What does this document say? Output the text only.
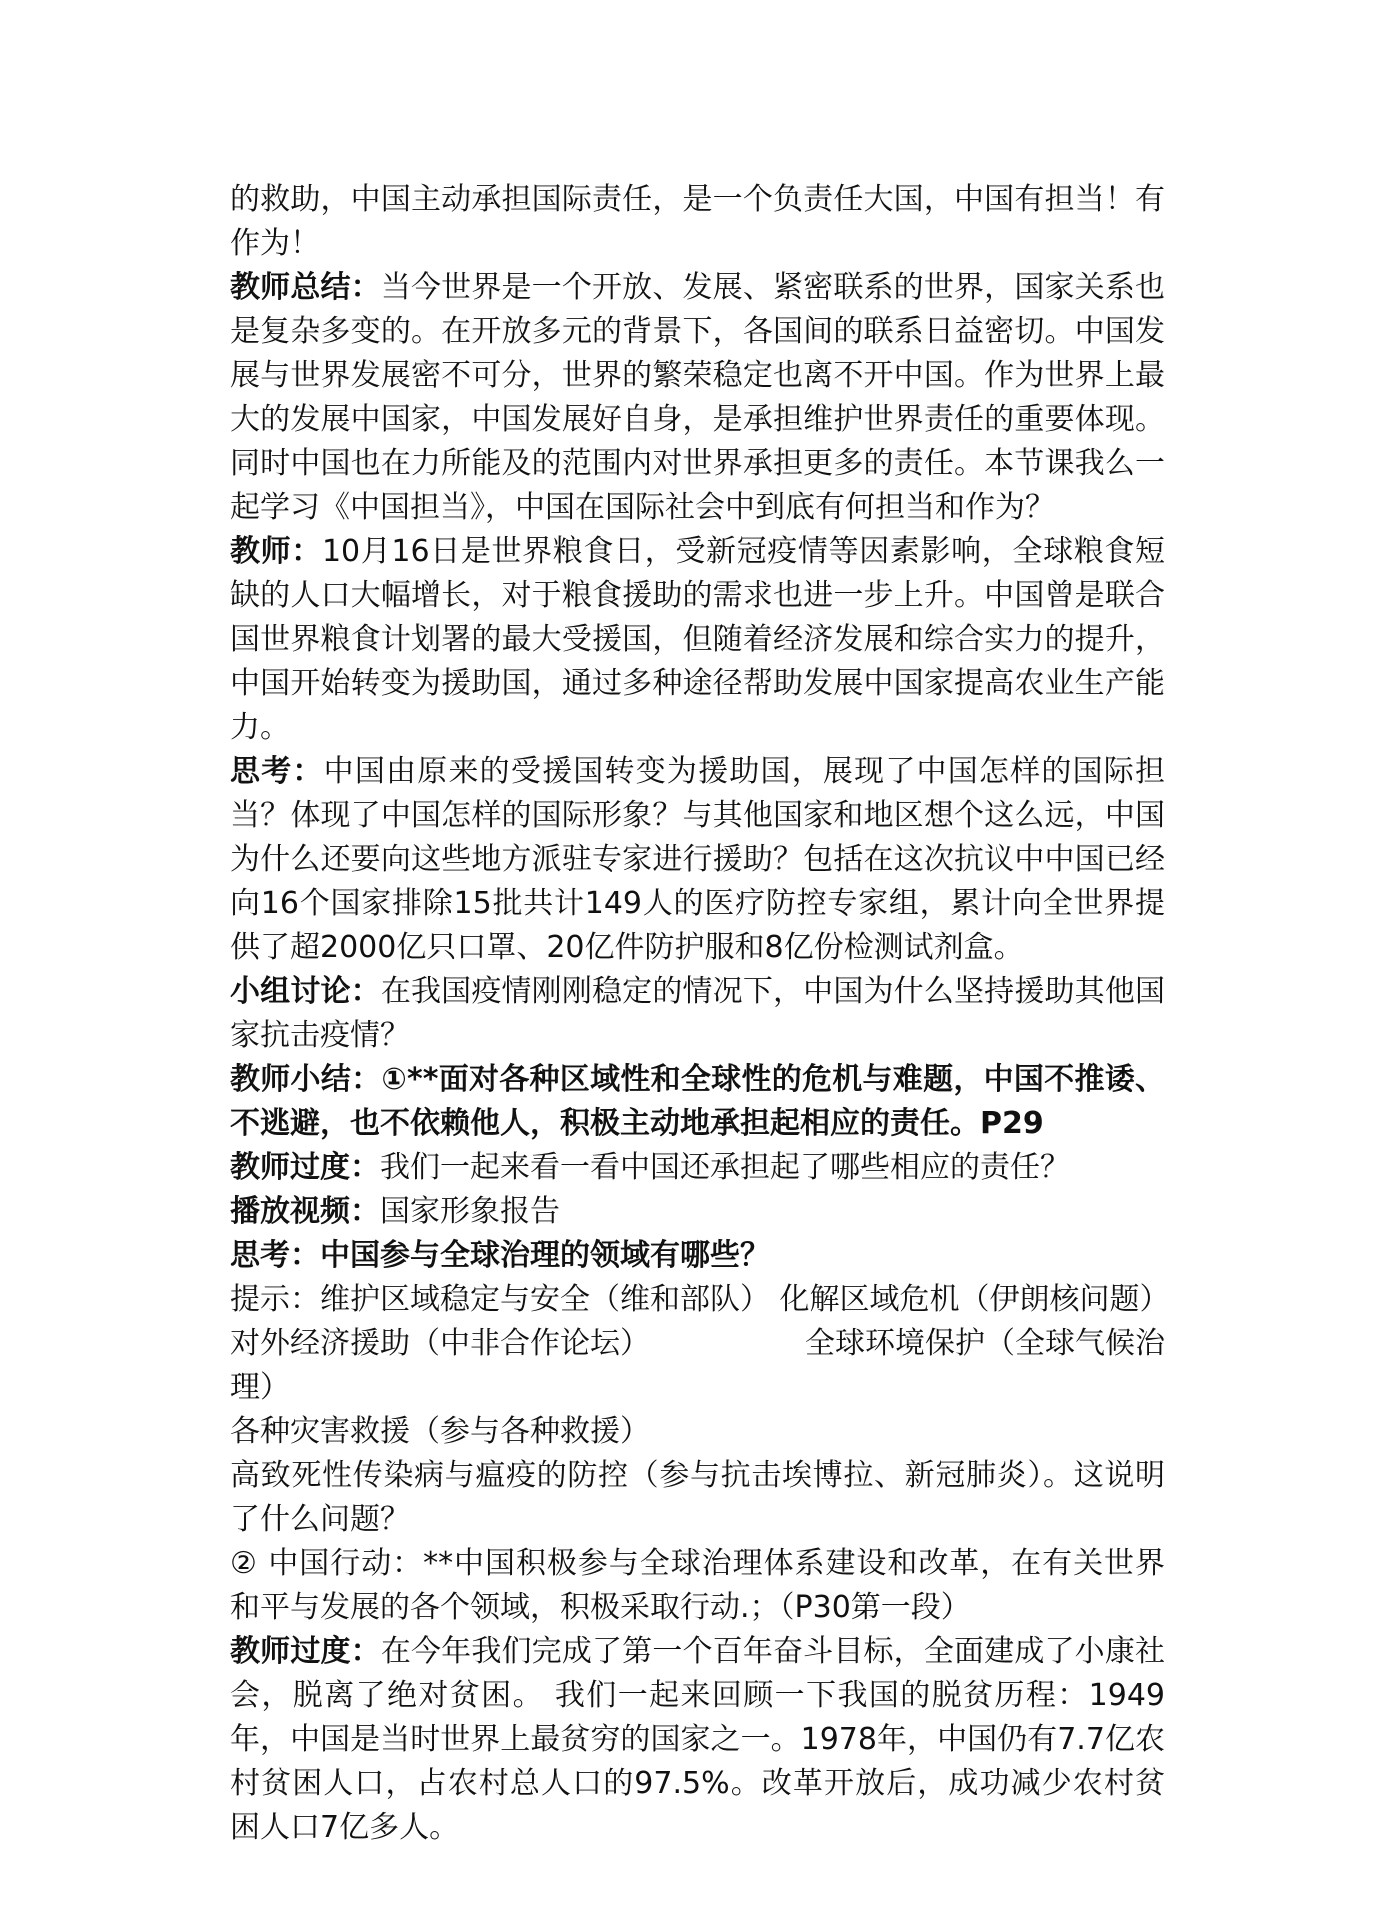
的救助，中国主动承担国际责任，是一个负责任大国，中国有担当！有作为！

教师总结：当今世界是一个开放、发展、紧密联系的世界，国家关系也是复杂多变的。在开放多元的背景下，各国间的联系日益密切。中国发展与世界发展密不可分，世界的繁荣稳定也离不开中国。作为世界上最大的发展中国家，中国发展好自身，是承担维护世界责任的重要体现。同时中国也在力所能及的范围内对世界承担更多的责任。本节课我么一起学习《中国担当》，中国在国际社会中到底有何担当和作为？

教师：10月16日是世界粮食日，受新冠疫情等因素影响，全球粮食短缺的人口大幅增长，对于粮食援助的需求也进一步上升。中国曾是联合国世界粮食计划署的最大受援国，但随着经济发展和综合实力的提升，中国开始转变为援助国，通过多种途径帮助发展中国家提高农业生产能力。

思考：中国由原来的受援国转变为援助国，展现了中国怎样的国际担当？体现了中国怎样的国际形象？与其他国家和地区想个这么远，中国为什么还要向这些地方派驻专家进行援助？包括在这次抗议中中国已经向16个国家排除15批共计149人的医疗防控专家组，累计向全世界提供了超2000亿只口罩、20亿件防护服和8亿份检测试剂盒。

小组讨论：在我国疫情刚刚稳定的情况下，中国为什么坚持援助其他国家抗击疫情？

教师小结：①**面对各种区域性和全球性的危机与难题，中国不推诿、不逃避，也不依赖他人，积极主动地承担起相应的责任。P29

教师过度：我们一起来看一看中国还承担起了哪些相应的责任？

播放视频：国家形象报告

思考：中国参与全球治理的领域有哪些？

提示：维护区域稳定与安全（维和部队） 化解区域危机（伊朗核问题）

对外经济援助（中非合作论坛）	全球环境保护（全球气候治
理）

各种灾害救援（参与各种救援）

高致死性传染病与瘟疫的防控（参与抗击埃博拉、新冠肺炎）。这说明了什么问题？

② 中国行动：**中国积极参与全球治理体系建设和改革，在有关世界和平与发展的各个领域，积极采取行动.；（P30第一段）

教师过度：在今年我们完成了第一个百年奋斗目标，全面建成了小康社会，脱离了绝对贫困。 我们一起来回顾一下我国的脱贫历程：1949年，中国是当时世界上最贫穷的国家之一。1978年，中国仍有7.7亿农村贫困人口，占农村总人口的97.5%。改革开放后，成功减少农村贫困人口7亿多人。
